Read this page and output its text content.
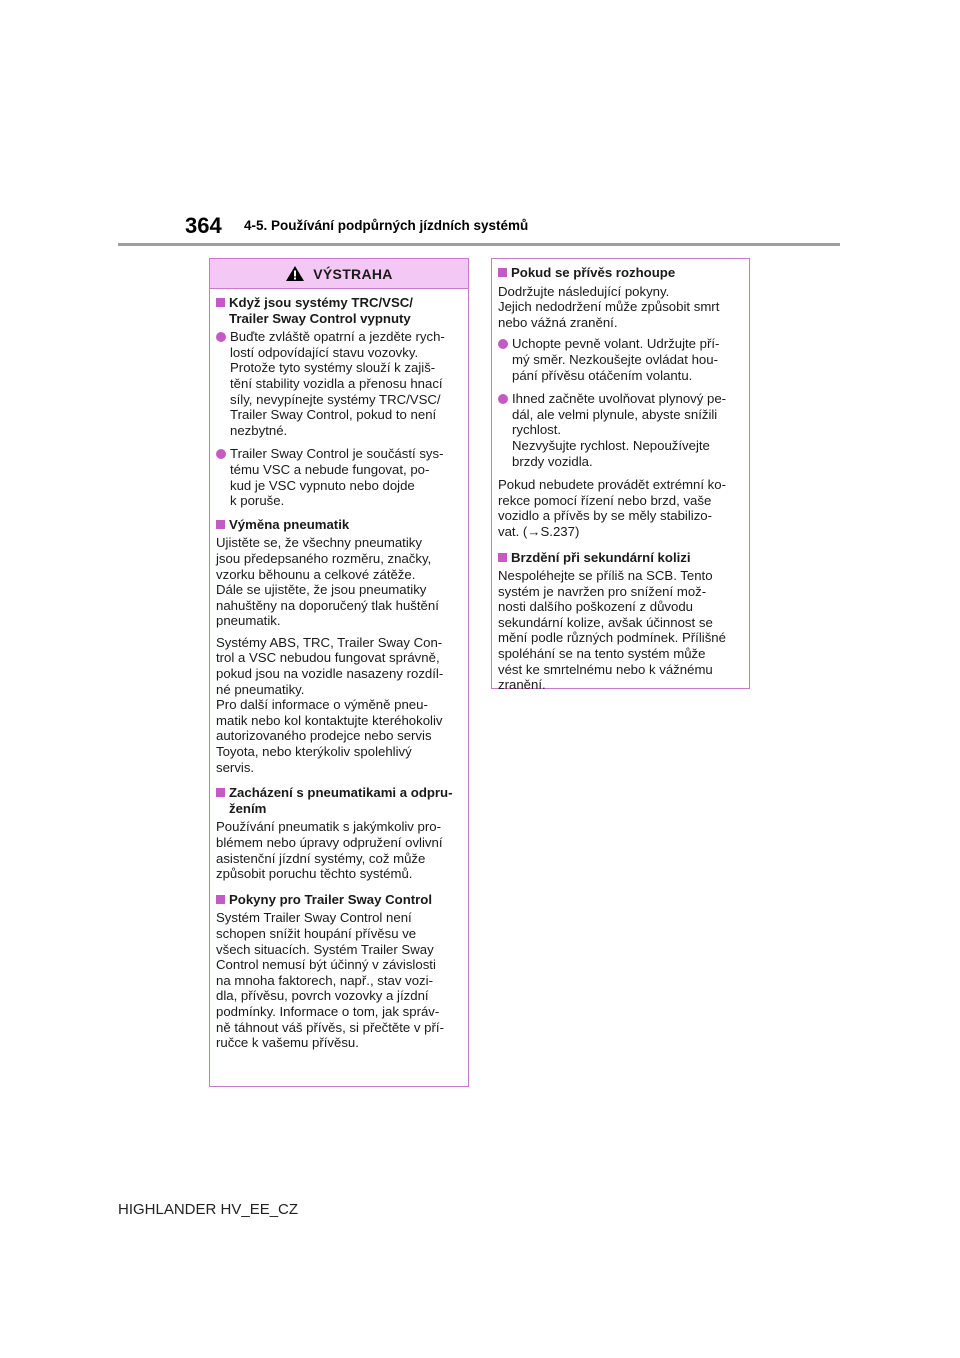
364 4-5. Používání podpůrných jízdních systémů
VÝSTRAHA
Když jsou systémy TRC/VSC/
Trailer Sway Control vypnuty
Buďte zvláště opatrní a jezděte rych-
lostí odpovídající stavu vozovky.
Protože tyto systémy slouží k zajiš-
tění stability vozidla a přenosu hnací
síly, nevypínejte systémy TRC/VSC/
Trailer Sway Control, pokud to není
nezbytné.
Trailer Sway Control je součástí sys-
tému VSC a nebude fungovat, po-
kud je VSC vypnuto nebo dojde
k poruše.
Výměna pneumatik
Ujistěte se, že všechny pneumatiky
jsou předepsaného rozměru, značky,
vzorku běhounu a celkové zátěže.
Dále se ujistěte, že jsou pneumatiky
nahuštěny na doporučený tlak huštění
pneumatik.
Systémy ABS, TRC, Trailer Sway Con-
trol a VSC nebudou fungovat správně,
pokud jsou na vozidle nasazeny rozdíl-
né pneumatiky.
Pro další informace o výměně pneu-
matik nebo kol kontaktujte kteréhokoliv
autorizovaného prodejce nebo servis
Toyota, nebo kterýkoliv spolehlivý
servis.
Zacházení s pneumatikami a odpru-
žením
Používání pneumatik s jakýmkoliv pro-
blémem nebo úpravy odpružení ovlivní
asistenční jízdní systémy, což může
způsobit poruchu těchto systémů.
Pokyny pro Trailer Sway Control
Systém Trailer Sway Control není
schopen snížit houpání přívěsu ve
všech situacích. Systém Trailer Sway
Control nemusí být účinný v závislosti
na mnoha faktorech, např., stav vozi-
dla, přívěsu, povrch vozovky a jízdní
podmínky. Informace o tom, jak správ-
ně táhnout váš přívěs, si přečtěte v pří-
ručce k vašemu přívěsu.
Pokud se přívěs rozhoupe
Dodržujte následující pokyny.
Jejich nedodržení může způsobit smrt
nebo vážná zranění.
Uchopte pevně volant. Udržujte pří-
mý směr. Nezkoušejte ovládat hou-
pání přívěsu otáčením volantu.
Ihned začněte uvolňovat plynový pe-
dál, ale velmi plynule, abyste snížili
rychlost.
Nezvyšujte rychlost. Nepoužívejte
brzdy vozidla.
Pokud nebudete provádět extrémní ko-
rekce pomocí řízení nebo brzd, vaše
vozidlo a přívěs by se měly stabilizo-
vat. (→S.237)
Brzdění při sekundární kolizi
Nespoléhejte se příliš na SCB. Tento
systém je navržen pro snížení mož-
nosti dalšího poškození z důvodu
sekundární kolize, avšak účinnost se
mění podle různých podmínek. Přílišné
spoléhání se na tento systém může
vést ke smrtelnému nebo k vážnému
zranění.
HIGHLANDER HV_EE_CZ
